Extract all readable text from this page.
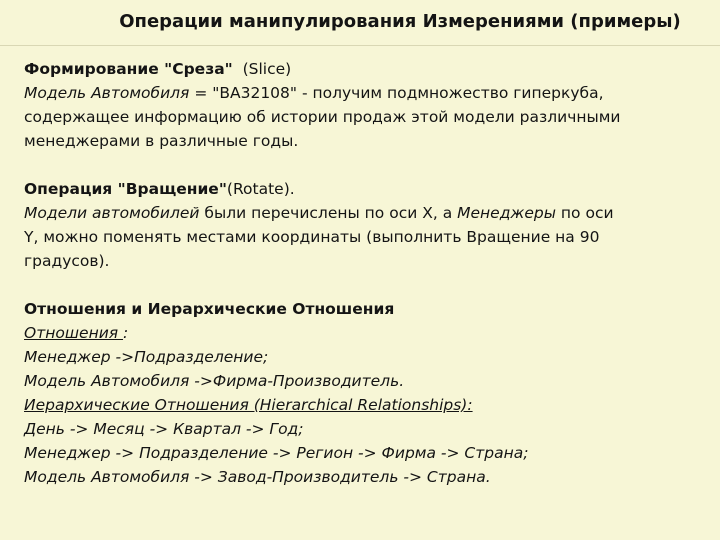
Операции манипулирования Измерениями (примеры)
Формирование "Среза" (Slice)
Модель Автомобиля = "BA32108" - получим подмножество гиперкуба,
содержащее информацию об истории продаж этой модели различными
менеджерами в различные годы.
Операция "Вращение"(Rotate).
Модели автомобилей были перечислены по оси X, а Менеджеры по оси
Y, можно поменять местами координаты (выполнить Вращение на 90
градусов).
Отношения и Иерархические Отношения
Отношения :
Менеджер ->Подразделение;
Модель Автомобиля ->Фирма-Производитель.
Иерархические Отношения (Hierarchical Relationships):
День -> Месяц -> Квартал -> Год;
Менеджер -> Подразделение -> Регион -> Фирма -> Страна;
Модель Автомобиля -> Завод-Производитель -> Страна.
